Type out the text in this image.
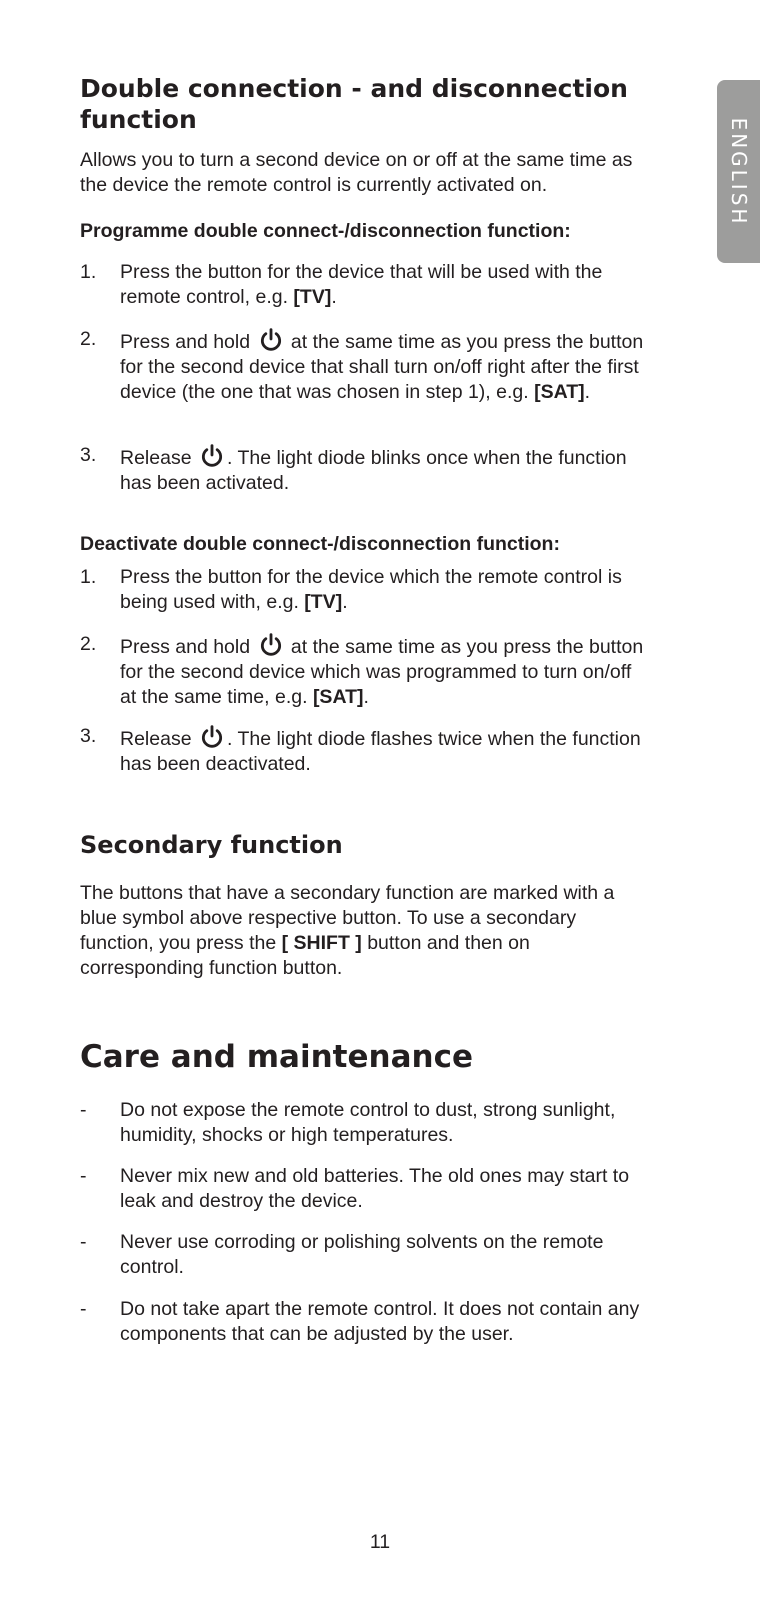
ENGLISH
Double connection - and disconnection function

Allows you to turn a second device on or off at the same time as the device the remote control is currently activated on.

Programme double connect-/disconnection function:

1. Press the button for the device that will be used with the remote control, e.g. [TV].
2. Press and hold  at the same time as you press the button for the second device that shall turn on/off right after the first device (the one that was chosen in step 1), e.g. [SAT].
3. Release . The light diode blinks once when the function has been activated.

Deactivate double connect-/disconnection function:

1. Press the button for the device which the remote control is being used with, e.g. [TV].
2. Press and hold  at the same time as you press the button for the second device which was programmed to turn on/off at the same time, e.g. [SAT].
3. Release . The light diode flashes twice when the function has been deactivated.
Secondary function

The buttons that have a secondary function are marked with a blue symbol above respective button. To use a secondary function, you press the [ SHIFT ] button and then on corresponding function button.

Care and maintenance
- Do not expose the remote control to dust, strong sunlight, humidity, shocks or high temperatures.
- Never mix new and old batteries. The old ones may start to leak and destroy the device.
- Never use corroding or polishing solvents on the remote control.
- Do not take apart the remote control. It does not contain any components that can be adjusted by the user.
11
